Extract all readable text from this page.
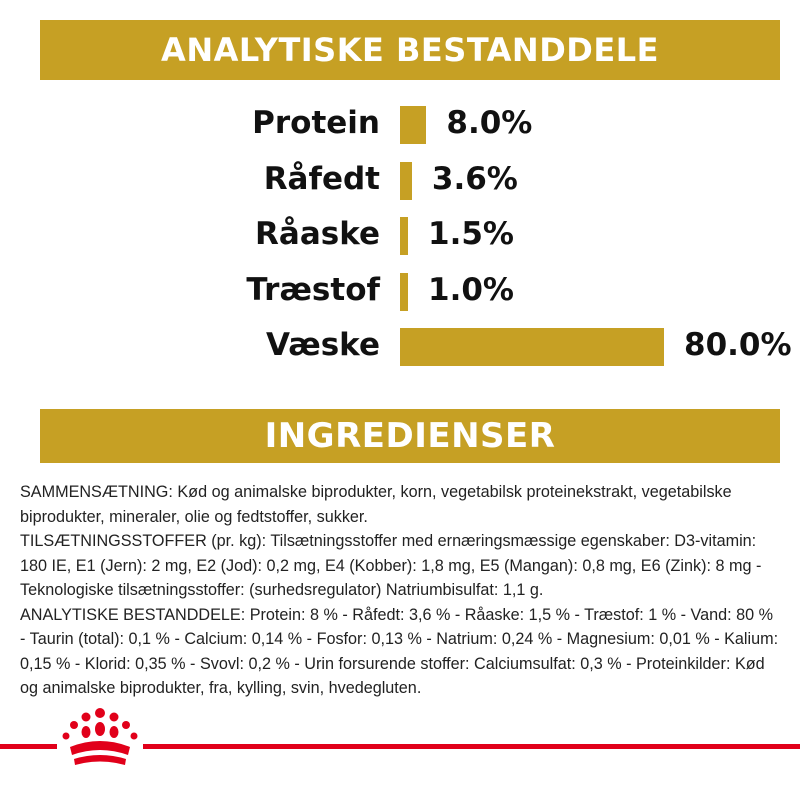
ANALYTISKE BESTANDDELE
Protein 8.0%
Råfedt 3.6%
Råaske 1.5%
Træstof 1.0%
Væske	80.0%
INGREDIENSER

SAMMENSÆTNING: Kød og animalske biprodukter, korn, vegetabilsk proteinekstrakt, vegetabilske biprodukter, mineraler, olie og fedtstoffer, sukker.

TILSÆTNINGSSTOFFER (pr. kg): Tilsætningsstoffer med ernæringsmæssige egenskaber: D3-vitamin: 180 IE, E1 (Jern): 2 mg, E2 (Jod): 0,2 mg, E4 (Kobber): 1,8 mg, E5 (Mangan): 0,8 mg, E6 (Zink): 8 mg - Teknologiske tilsætningsstoffer: (surhedsregulator) Natriumbisulfat: 1,1 g.

ANALYTISKE BESTANDDELE: Protein: 8 % - Råfedt: 3,6 % - Råaske: 1,5 % - Træstof: 1 % - Vand: 80 % - Taurin (total): 0,1 % - Calcium: 0,14 % - Fosfor: 0,13 % - Natrium: 0,24 % - Magnesium: 0,01 % - Kalium: 0,15 % - Klorid: 0,35 % - Svovl: 0,2 % - Urin forsurende stoffer: Calciumsulfat: 0,3 % - Proteinkilder: Kød og animalske biprodukter, fra, kylling, svin, hvedegluten.
